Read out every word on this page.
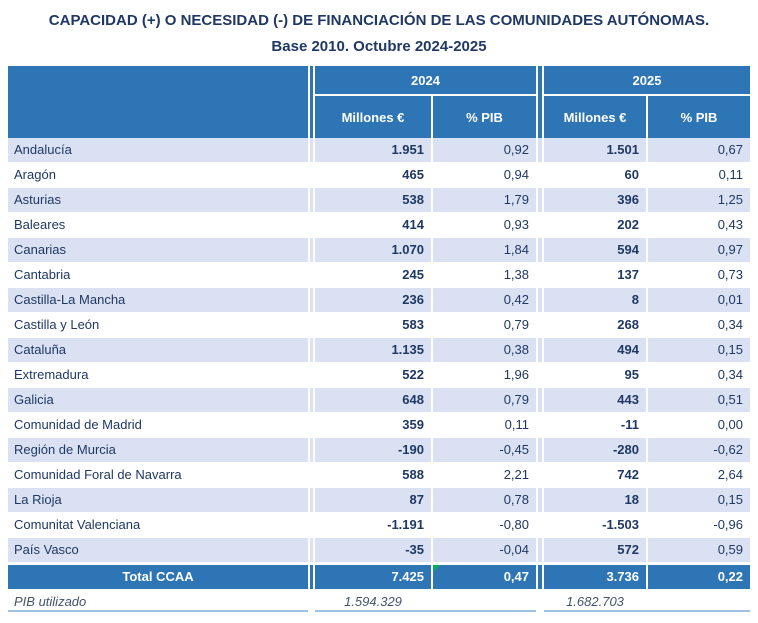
CAPACIDAD (+) O NECESIDAD (-) DE FINANCIACIÓN DE LAS COMUNIDADES AUTÓNOMAS.
Base 2010. Octubre 2024-2025
2024	2025
Millones €	% PIB	Millones €	% PIB
Andalucía	1.951	0,92	1.501	0,67
Aragón	465	0,94	60	0,11
Asturias	538	1,79	396	1,25
Baleares	414	0,93	202	0,43
Canarias	1.070	1,84	594	0,97
Cantabria	245	1,38	137	0,73
Castilla-La Mancha	236	0,42	8	0,01
Castilla y León	583	0,79	268	0,34
Cataluña	1.135	0,38	494	0,15
Extremadura	522	1,96	95	0,34
Galicia	648	0,79	443	0,51
Comunidad de Madrid	359	0,11	-11	0,00
Región de Murcia	-190	-0,45	-280	-0,62
Comunidad Foral de Navarra	588	2,21	742	2,64
La Rioja	87	0,78	18	0,15
Comunitat Valenciana	-1.191	-0,80	-1.503	-0,96
País Vasco	-35	-0,04	572	0,59
Total CCAA	7.425	0,47	3.736	0,22
PIB utilizado	1.594.329	1.682.703
